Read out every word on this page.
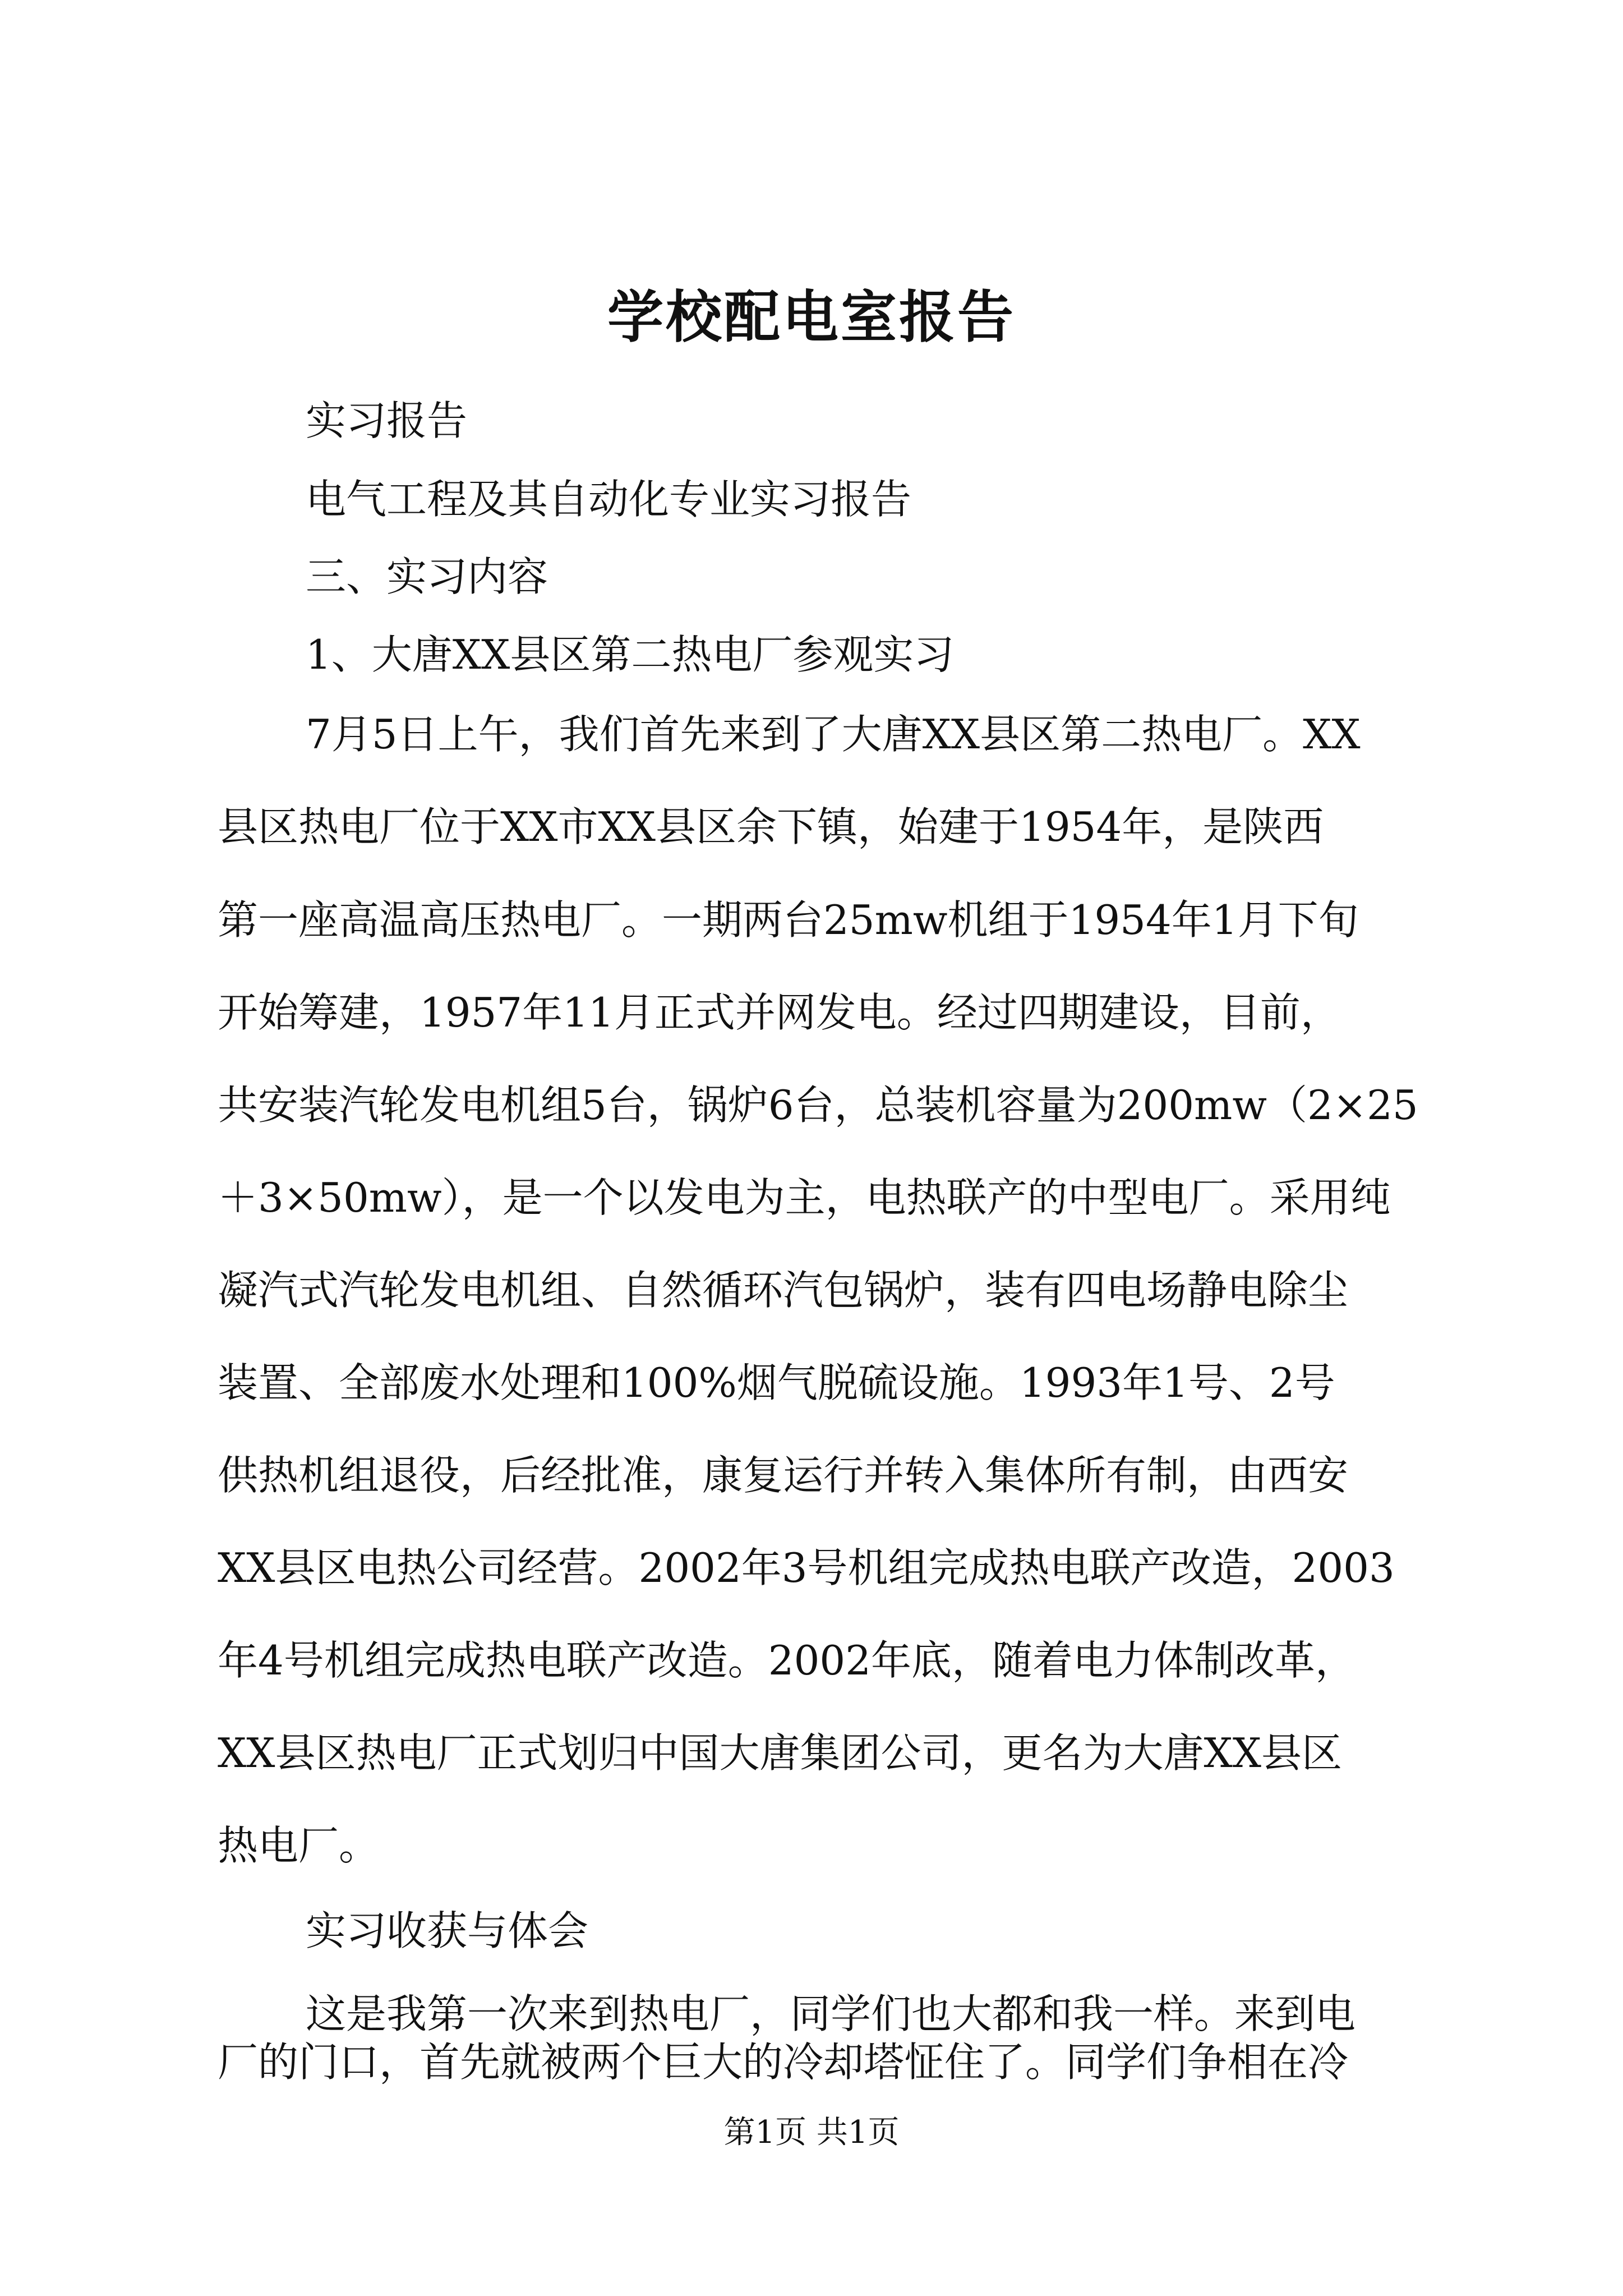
学校配电室报告
实习报告
电气工程及其自动化专业实习报告
三、实习内容
1、大唐XX县区第二热电厂参观实习
7月5日上午，我们首先来到了大唐XX县区第二热电厂。XX
县区热电厂位于XX市XX县区余下镇，始建于1954年，是陕西
第一座高温高压热电厂。一期两台25mw机组于1954年1月下旬
开始筹建，1957年11月正式并网发电。经过四期建设，目前，
共安装汽轮发电机组5台，锅炉6台，总装机容量为200mw（2×25
＋3×50mw），是一个以发电为主，电热联产的中型电厂。采用纯
凝汽式汽轮发电机组、自然循环汽包锅炉，装有四电场静电除尘
装置、全部废水处理和100%烟气脱硫设施。1993年1号、2号
供热机组退役，后经批准，康复运行并转入集体所有制，由西安
XX县区电热公司经营。2002年3号机组完成热电联产改造，2003
年4号机组完成热电联产改造。2002年底，随着电力体制改革，
XX县区热电厂正式划归中国大唐集团公司，更名为大唐XX县区
热电厂。
实习收获与体会
这是我第一次来到热电厂，同学们也大都和我一样。来到电
厂的门口，首先就被两个巨大的冷却塔怔住了。同学们争相在冷
第1页 共1页
